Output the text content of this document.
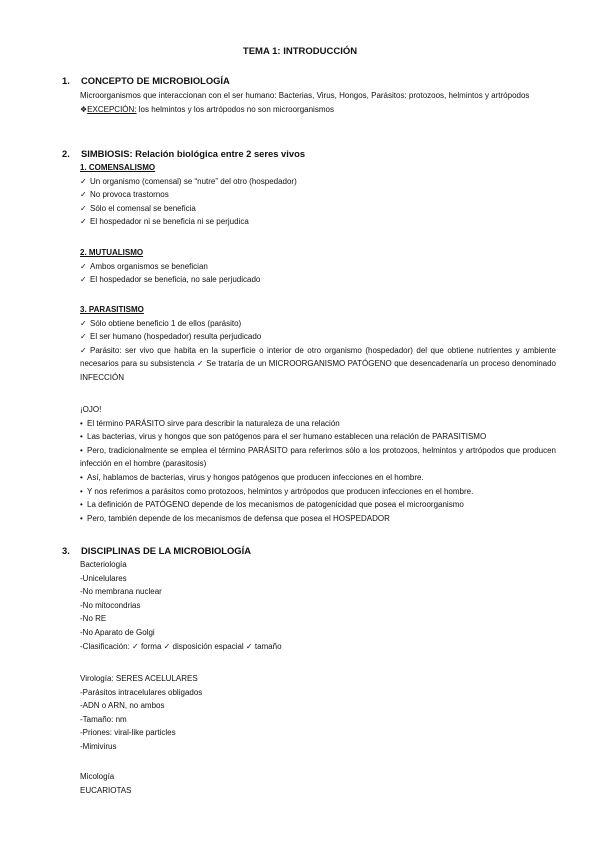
TEMA 1: INTRODUCCIÓN
1. CONCEPTO DE MICROBIOLOGÍA
Microorganismos que interaccionan con el ser humano: Bacterias, Virus, Hongos, Parásitos: protozoos, helmintos y artrópodos
❖EXCEPCIÓN: los helmintos y los artrópodos no son microorganismos
2. SIMBIOSIS: Relación biológica entre 2 seres vivos
1. COMENSALISMO
✓ Un organismo (comensal) se “nutre” del otro (hospedador)
✓ No provoca trastornos
✓ Sólo el comensal se beneficia
✓ El hospedador ni se beneficia ni se perjudica
2. MUTUALISMO
✓ Ambos organismos se benefician
✓ El hospedador se beneficia, no sale perjudicado
3. PARASITISMO
✓ Sólo obtiene beneficio 1 de ellos (parásito)
✓ El ser humano (hospedador) resulta perjudicado
✓ Parásito: ser vivo que habita en la superficie o interior de otro organismo (hospedador) del que obtiene nutrientes y ambiente necesarios para su subsistencia ✓ Se trataría de un MICROORGANISMO PATÓGENO que desencadenaría un proceso denominado INFECCIÓN
¡OJO!
• El término PARÁSITO sirve para describir la naturaleza de una relación
• Las bacterias, virus y hongos que son patógenos para el ser humano establecen una relación de PARASITISMO
• Pero, tradicionalmente se emplea el término PARÁSITO para referirnos sólo a los protozoos, helmintos y artrópodos que producen infección en el hombre (parasitosis)
• Así, hablamos de bacterias, virus y hongos patógenos que producen infecciones en el hombre.
• Y nos referimos a parásitos como protozoos, helmintos y artrópodos que producen infecciones en el hombre.
• La definición de PATÓGENO depende de los mecanismos de patogenicidad que posea el microorganismo
• Pero, también depende de los mecanismos de defensa que posea el HOSPEDADOR
3. DISCIPLINAS DE LA MICROBIOLOGÍA
Bacteriología
-Unicelulares
-No membrana nuclear
-No mitocondrias
-No RE
-No Aparato de Golgi
-Clasificación: ✓ forma ✓ disposición espacial ✓ tamaño
Virología: SERES ACELULARES
-Parásitos intracelulares obligados
-ADN o ARN, no ambos
-Tamaño: nm
-Priones: viral-like particles
-Mimivirus
Micología
EUCARIOTAS
